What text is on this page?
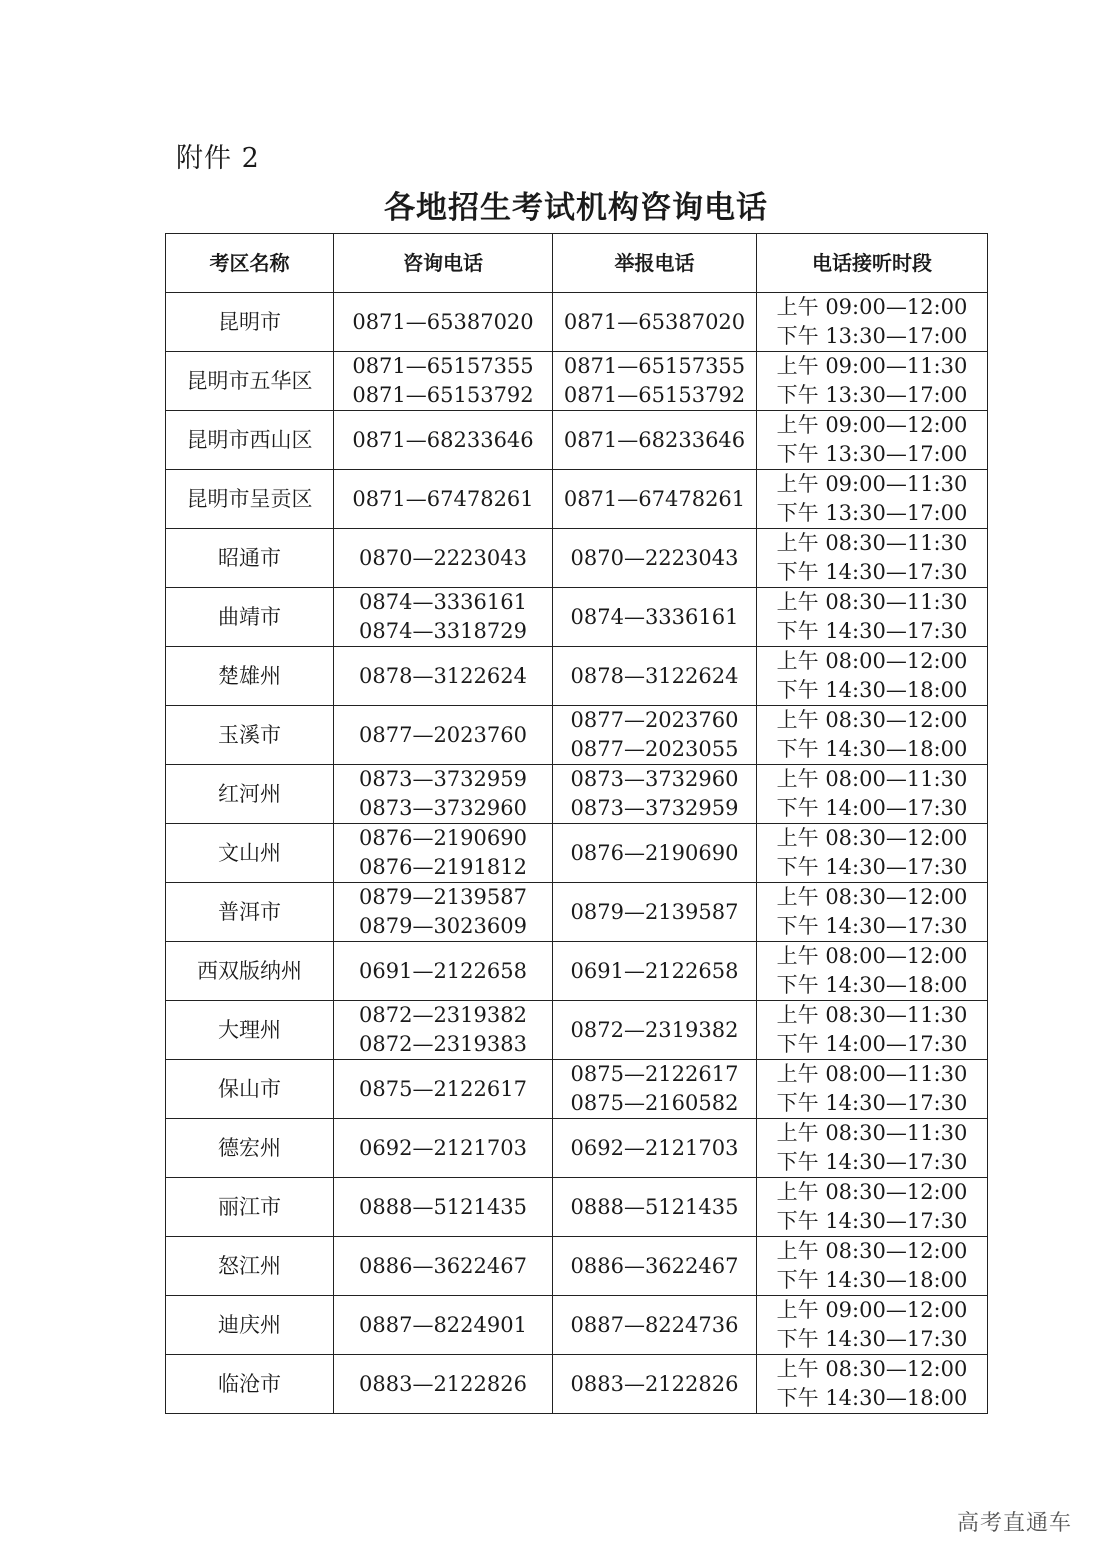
附件 2
各地招生考试机构咨询电话
考区名称	咨询电话	举报电话	电话接听时段
昆明市	0871—65387020	0871—65387020	上午 09:00—12:00
下午 13:30—17:00

昆明市五华区	0871—65157355
0871—65153792	0871—65157355
0871—65153792	上午 09:00—11:30
下午 13:30—17:00

昆明市西山区	0871—68233646	0871—68233646	上午 09:00—12:00
下午 13:30—17:00

昆明市呈贡区	0871—67478261	0871—67478261	上午 09:00—11:30
下午 13:30—17:00

昭通市	0870—2223043	0870—2223043	上午 08:30—11:30
下午 14:30—17:30

曲靖市	0874—3336161
0874—3318729	0874—3336161	上午 08:30—11:30
下午 14:30—17:30

楚雄州	0878—3122624	0878—3122624	上午 08:00—12:00
下午 14:30—18:00

玉溪市	0877—2023760	0877—2023760
0877—2023055	上午 08:30—12:00
下午 14:30—18:00

红河州	0873—3732959
0873—3732960	0873—3732960
0873—3732959	上午 08:00—11:30
下午 14:00—17:30

文山州	0876—2190690
0876—2191812	0876—2190690	上午 08:30—12:00
下午 14:30—17:30

普洱市	0879—2139587
0879—3023609	0879—2139587	上午 08:30—12:00
下午 14:30—17:30

西双版纳州	0691—2122658	0691—2122658	上午 08:00—12:00
下午 14:30—18:00

大理州	0872—2319382
0872—2319383	0872—2319382	上午 08:30—11:30
下午 14:00—17:30

保山市	0875—2122617	0875—2122617
0875—2160582	上午 08:00—11:30
下午 14:30—17:30

德宏州	0692—2121703	0692—2121703	上午 08:30—11:30
下午 14:30—17:30

丽江市	0888—5121435	0888—5121435	上午 08:30—12:00
下午 14:30—17:30

怒江州	0886—3622467	0886—3622467	上午 08:30—12:00
下午 14:30—18:00

迪庆州	0887—8224901	0887—8224736	上午 09:00—12:00
下午 14:30—17:30

临沧市	0883—2122826	0883—2122826	上午 08:30—12:00
下午 14:30—18:00
高考直通车
